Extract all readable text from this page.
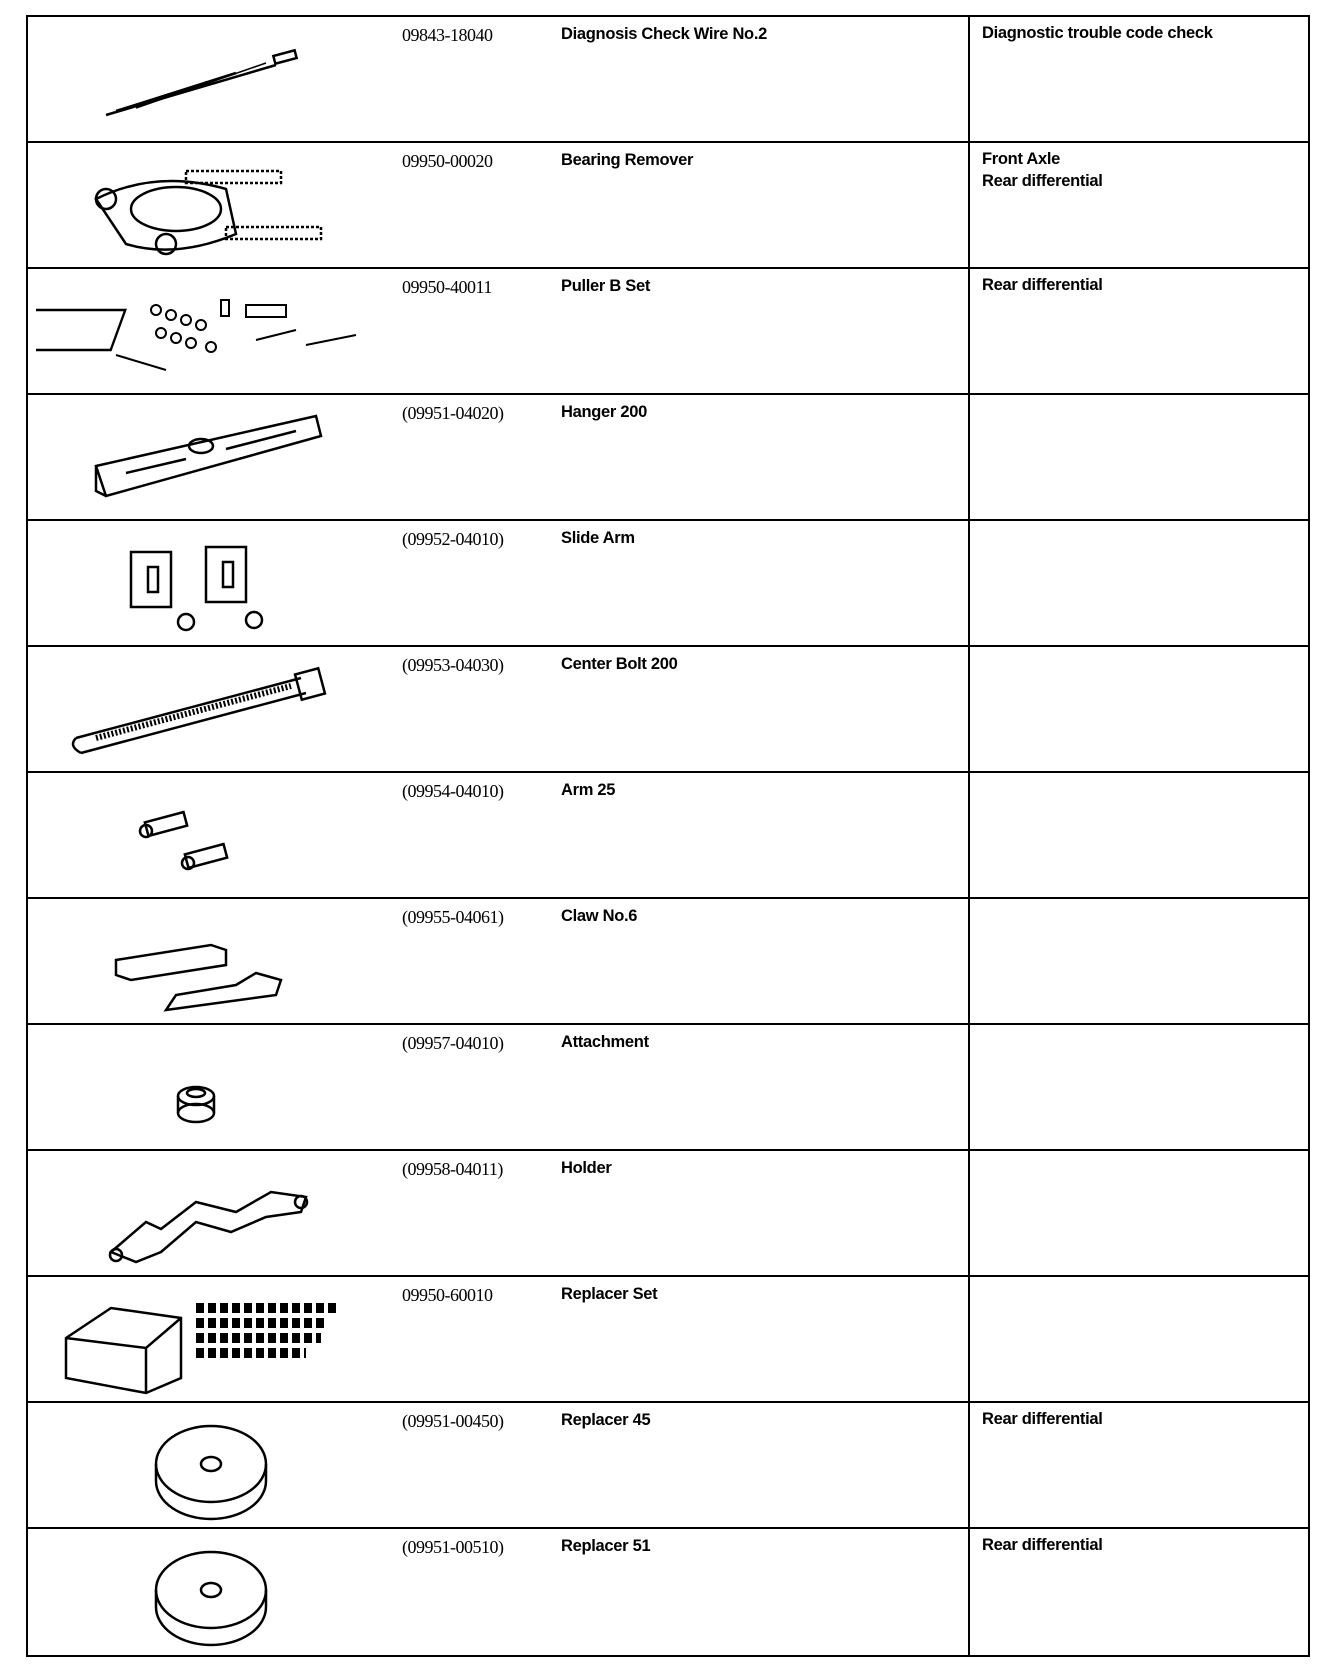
09843-18040	Diagnosis Check Wire No.2	Diagnostic trouble code check
09950-00020	Bearing Remover	Front Axle
Rear differential
09950-40011	Puller B Set	Rear differential
(09951-04020)	Hanger 200
(09952-04010)	Slide Arm
(09953-04030)	Center Bolt 200
(09954-04010)	Arm 25
(09955-04061)	Claw No.6
(09957-04010)	Attachment
(09958-04011)	Holder
09950-60010	Replacer Set
(09951-00450)	Replacer 45	Rear differential
(09951-00510)	Replacer 51	Rear differential
